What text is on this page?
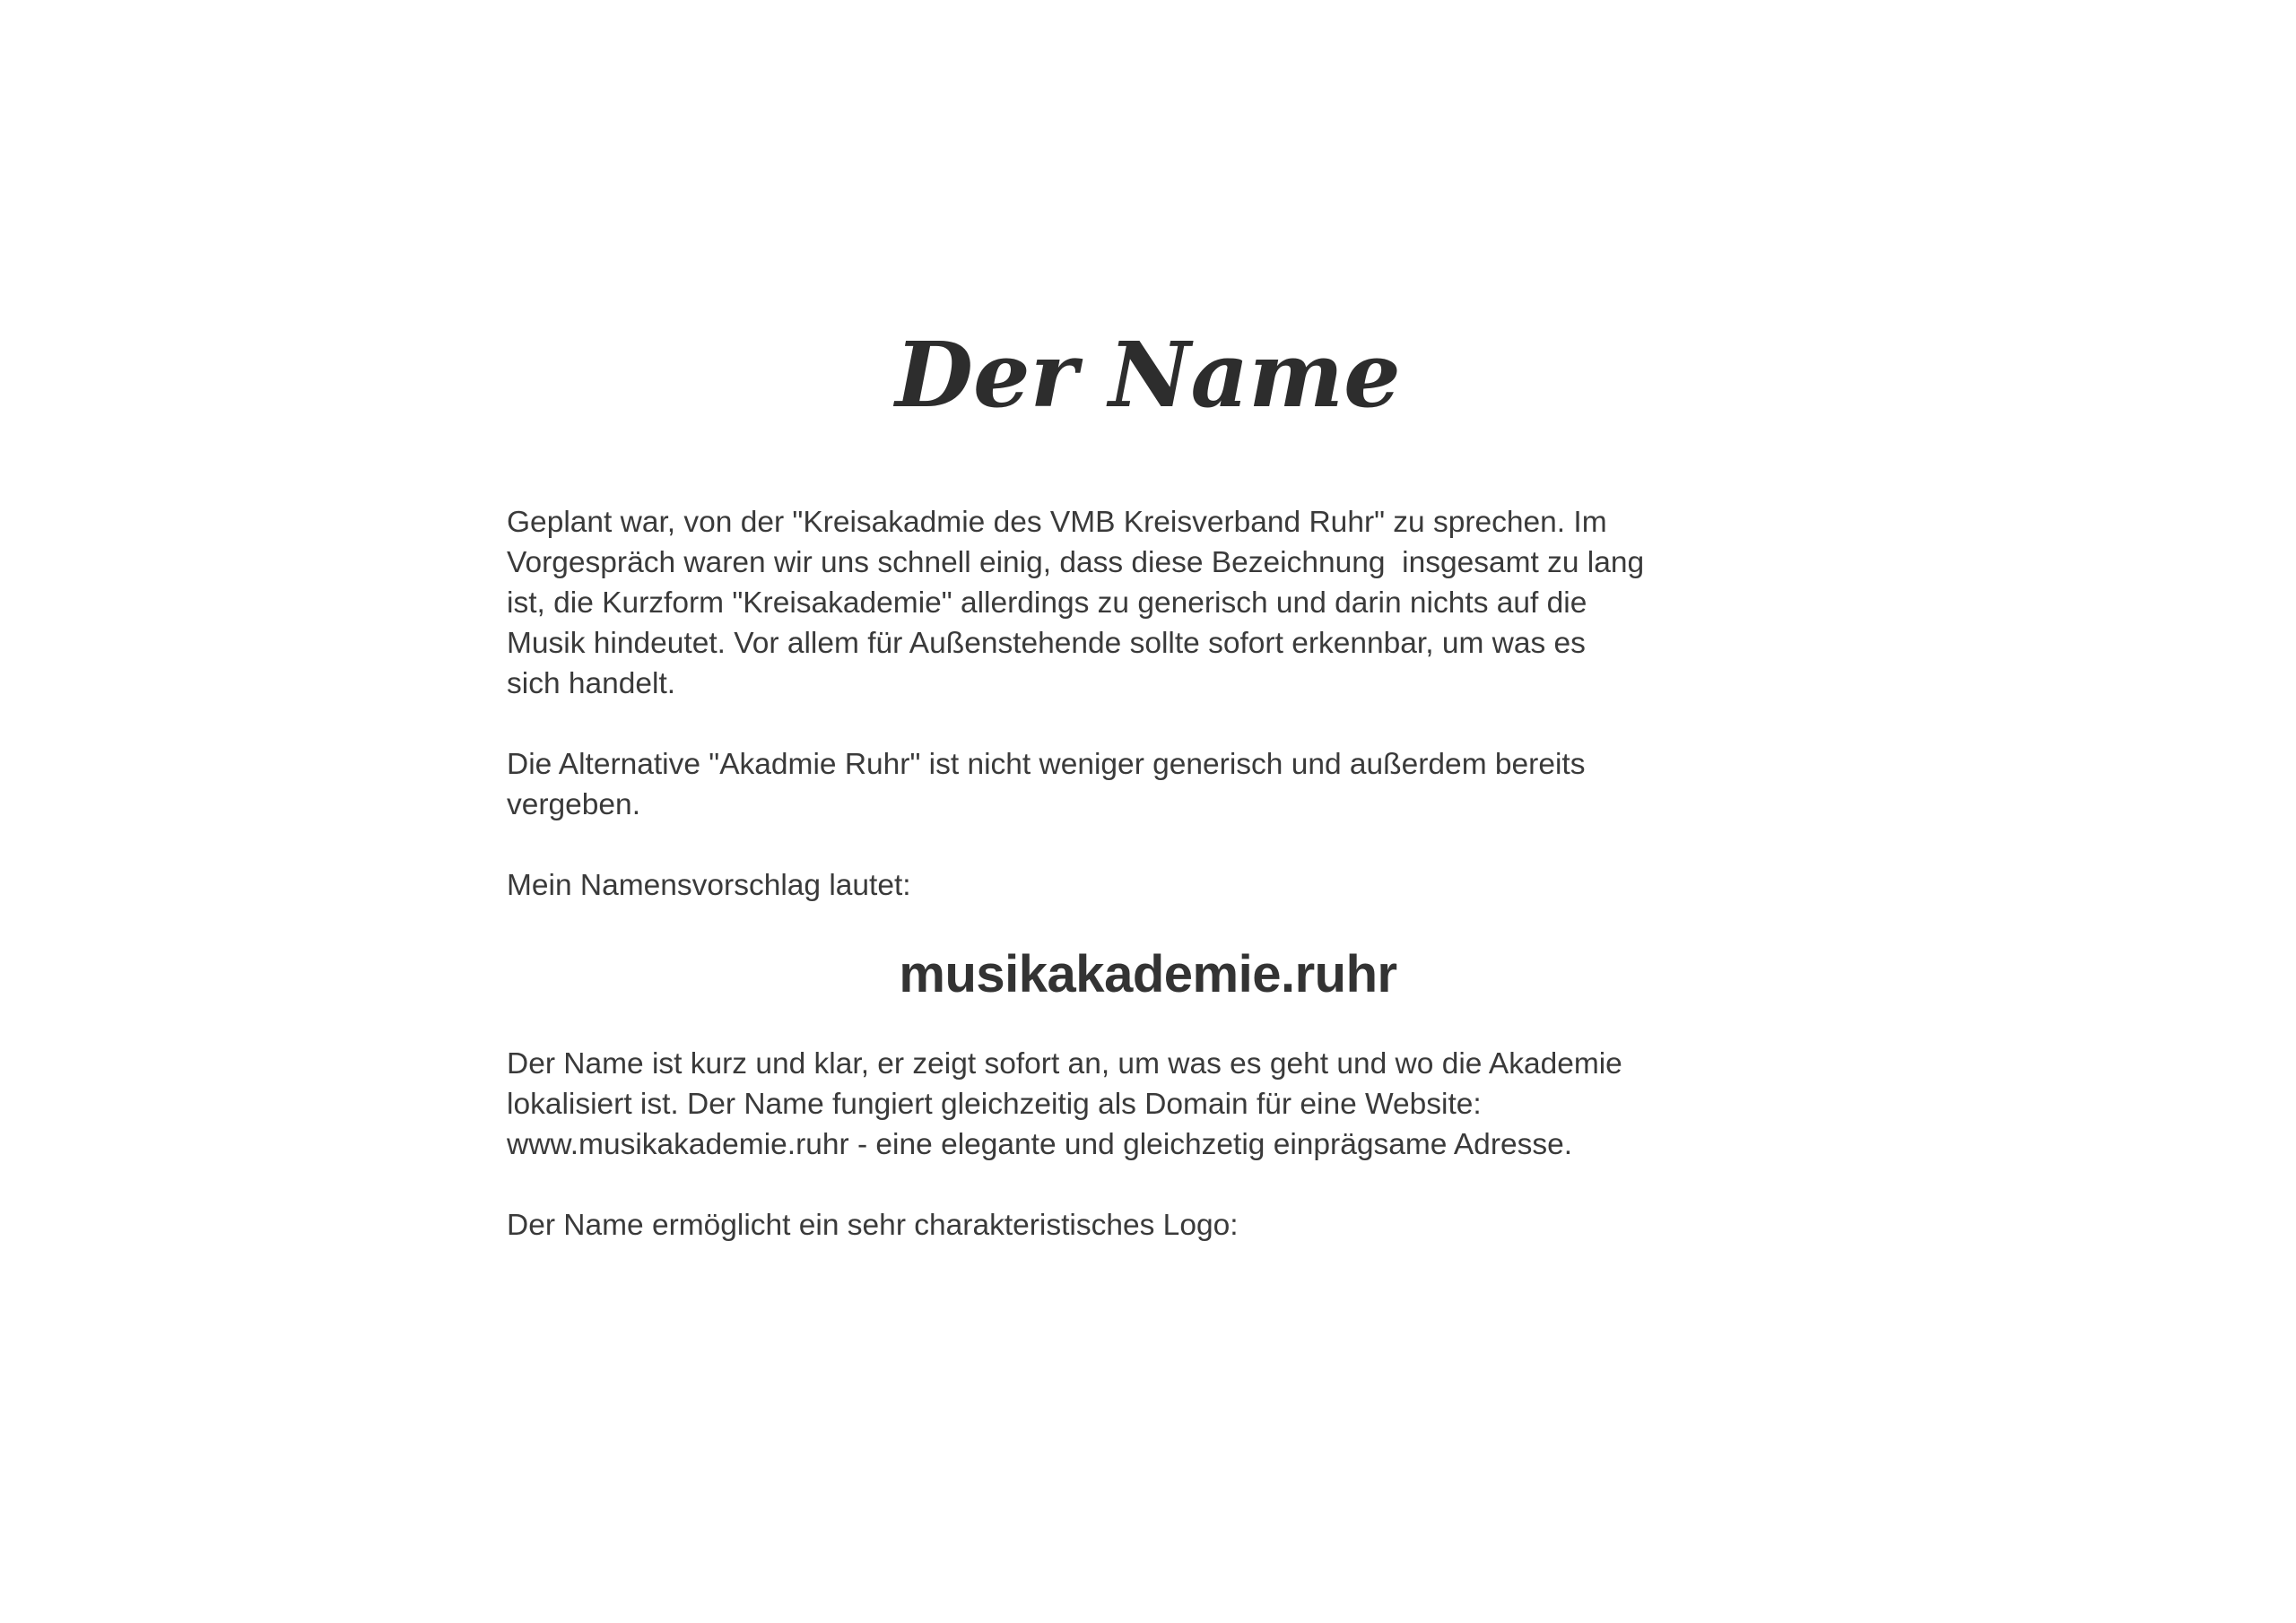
Der Name

Geplant war, von der "Kreisakadmie des VMB Kreisverband Ruhr" zu sprechen. Im
Vorgespräch waren wir uns schnell einig, dass diese Bezeichnung  insgesamt zu lang
ist, die Kurzform "Kreisakademie" allerdings zu generisch und darin nichts auf die
Musik hindeutet. Vor allem für Außenstehende sollte sofort erkennbar, um was es
sich handelt.

Die Alternative "Akadmie Ruhr" ist nicht weniger generisch und außerdem bereits
vergeben.

Mein Namensvorschlag lautet:

musikakademie.ruhr

Der Name ist kurz und klar, er zeigt sofort an, um was es geht und wo die Akademie
lokalisiert ist. Der Name fungiert gleichzeitig als Domain für eine Website:
www.musikakademie.ruhr - eine elegante und gleichzetig einprägsame Adresse.

Der Name ermöglicht ein sehr charakteristisches Logo:
